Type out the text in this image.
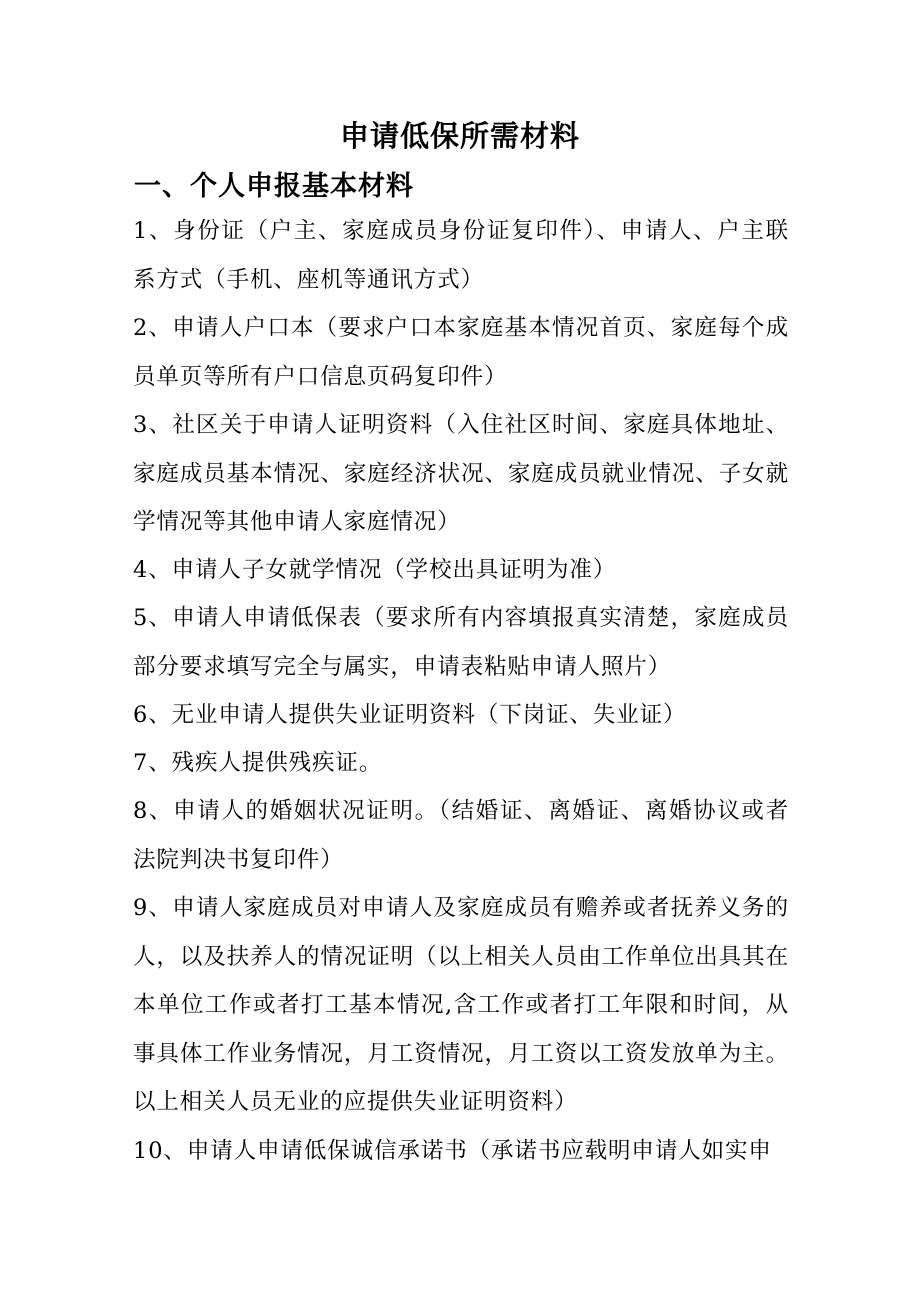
申请低保所需材料
一、个人申报基本材料

1、身份证（户主、家庭成员身份证复印件）、申请人、户主联系方式（手机、座机等通讯方式）

2、申请人户口本（要求户口本家庭基本情况首页、家庭每个成员单页等所有户口信息页码复印件）

3、社区关于申请人证明资料（入住社区时间、家庭具体地址、家庭成员基本情况、家庭经济状况、家庭成员就业情况、子女就学情况等其他申请人家庭情况）

4、申请人子女就学情况（学校出具证明为准）

5、申请人申请低保表（要求所有内容填报真实清楚，家庭成员部分要求填写完全与属实，申请表粘贴申请人照片）

6、无业申请人提供失业证明资料（下岗证、失业证）

7、残疾人提供残疾证。

8、申请人的婚姻状况证明。（结婚证、离婚证、离婚协议或者法院判决书复印件）

9、申请人家庭成员对申请人及家庭成员有赡养或者抚养义务的人，以及扶养人的情况证明（以上相关人员由工作单位出具其在本单位工作或者打工基本情况,含工作或者打工年限和时间，从事具体工作业务情况，月工资情况，月工资以工资发放单为主。以上相关人员无业的应提供失业证明资料）

10、申请人申请低保诚信承诺书（承诺书应载明申请人如实申
